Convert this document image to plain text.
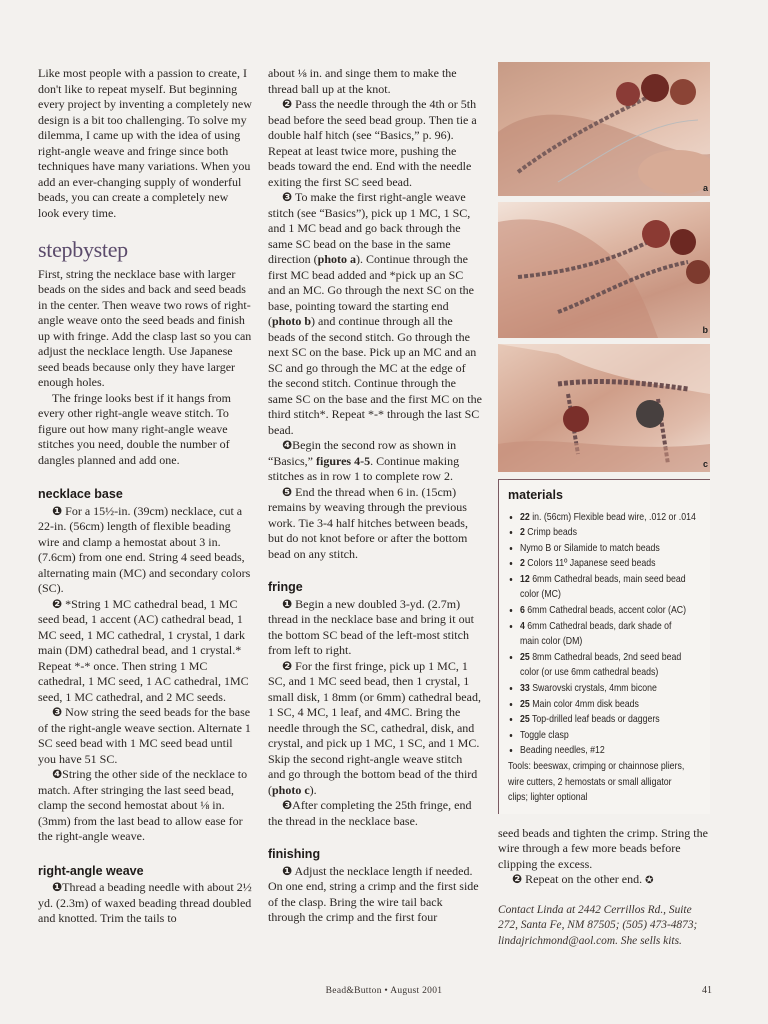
Like most people with a passion to create, I don't like to repeat myself. But beginning every project by inventing a completely new design is a bit too challenging. To solve my dilemma, I came up with the idea of using right-angle weave and fringe since both techniques have many variations. When you add an ever-changing supply of wonderful beads, you can create a completely new look every time.

stepbystep

First, string the necklace base with larger beads on the sides and back and seed beads in the center. Then weave two rows of right-angle weave onto the seed beads and finish up with fringe. Add the clasp last so you can adjust the necklace length. Use Japanese seed beads because only they have larger enough holes.

The fringe looks best if it hangs from every other right-angle weave stitch. To figure out how many right-angle weave stitches you need, double the number of dangles planned and add one.

necklace base

❶ For a 15½-in. (39cm) necklace, cut a 22-in. (56cm) length of flexible beading wire and clamp a hemostat about 3 in. (7.6cm) from one end. String 4 seed beads, alternating main (MC) and secondary colors (SC).

❷ *String 1 MC cathedral bead, 1 MC seed bead, 1 accent (AC) cathedral bead, 1 MC seed, 1 MC cathedral, 1 crystal, 1 dark main (DM) cathedral bead, and 1 crystal.* Repeat *-* once. Then string 1 MC cathedral, 1 MC seed, 1 AC cathedral, 1MC seed, 1 MC cathedral, and 2 MC seeds.

❸ Now string the seed beads for the base of the right-angle weave section. Alternate 1 SC seed bead with 1 MC seed bead until you have 51 SC.

❹String the other side of the necklace to match. After stringing the last seed bead, clamp the second hemostat about ⅛ in. (3mm) from the last bead to allow ease for the right-angle weave.

right-angle weave

❶Thread a beading needle with about 2½ yd. (2.3m) of waxed beading thread doubled and knotted. Trim the tails to

about ⅛ in. and singe them to make the thread ball up at the knot.

❷ Pass the needle through the 4th or 5th bead before the seed bead group. Then tie a double half hitch (see “Basics,” p. 96). Repeat at least twice more, pushing the beads toward the end. End with the needle exiting the first SC seed bead.

❸ To make the first right-angle weave stitch (see “Basics”), pick up 1 MC, 1 SC, and 1 MC bead and go back through the same SC bead on the base in the same direction (photo a). Continue through the first MC bead added and *pick up an SC and an MC. Go through the next SC on the base, pointing toward the starting end (photo b) and continue through all the beads of the second stitch. Go through the next SC on the base. Pick up an MC and an SC and go through the MC at the edge of the second stitch. Continue through the same SC on the base and the first MC on the third stitch*. Repeat *-* through the last SC bead.

❹Begin the second row as shown in “Basics,” figures 4-5. Continue making stitches as in row 1 to complete row 2.

❺ End the thread when 6 in. (15cm) remains by weaving through the previous work. Tie 3-4 half hitches between beads, but do not knot before or after the bottom bead on any stitch.

fringe

❶ Begin a new doubled 3-yd. (2.7m) thread in the necklace base and bring it out the bottom SC bead of the left-most stitch from left to right.

❷ For the first fringe, pick up 1 MC, 1 SC, and 1 MC seed bead, then 1 crystal, 1 small disk, 1 8mm (or 6mm) cathedral bead, 1 SC, 4 MC, 1 leaf, and 4MC. Bring the needle through the SC, cathedral, disk, and crystal, and pick up 1 MC, 1 SC, and 1 MC. Skip the second right-angle weave stitch and go through the bottom bead of the third (photo c).

❸After completing the 25th fringe, end the thread in the necklace base.

finishing

❶ Adjust the necklace length if needed. On one end, string a crimp and the first side of the clasp. Bring the wire tail back through the crimp and the first four

a
b
c
materials
• 22 in. (56cm) Flexible bead wire, .012 or .014
• 2 Crimp beads
• Nymo B or Silamide to match beads
• 2 Colors 11º Japanese seed beads
• 12 6mm Cathedral beads, main seed bead
color (MC)
• 6 6mm Cathedral beads, accent color (AC)
• 4 6mm Cathedral beads, dark shade of
main color (DM)
• 25 8mm Cathedral beads, 2nd seed bead
color (or use 6mm cathedral beads)
• 33 Swarovski crystals, 4mm bicone
• 25 Main color 4mm disk beads
• 25 Top-drilled leaf beads or daggers
• Toggle clasp
• Beading needles, #12
Tools: beeswax, crimping or chainnose pliers,
wire cutters, 2 hemostats or small alligator
clips; lighter optional

seed beads and tighten the crimp. String the wire through a few more beads before clipping the excess.

❷ Repeat on the other end. ✪

Contact Linda at 2442 Cerrillos Rd., Suite 272, Santa Fe, NM 87505; (505) 473-4873; lindajrichmond@aol.com. She sells kits.

Bead&Button • August 2001	41
